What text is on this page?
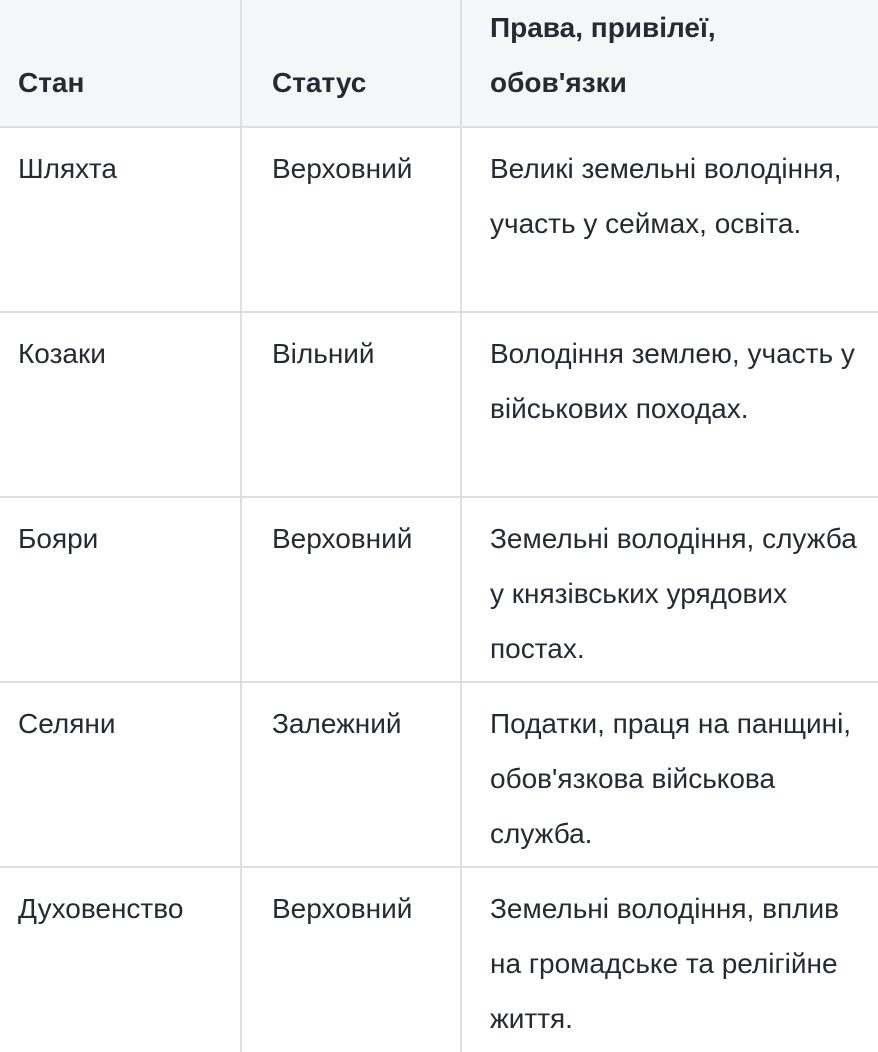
Стан	Статус	Права, привілеї, обов'язки
Шляхта	Верховний	Великі земельні володіння, участь у сеймах, освіта.
Козаки	Вільний	Володіння землею, участь у військових походах.
Бояри	Верховний	Земельні володіння, служба у князівських урядових постах.
Селяни	Залежний	Податки, праця на панщині, обов'язкова військова служба.
Духовенство	Верховний	Земельні володіння, вплив на громадське та релігійне життя.
